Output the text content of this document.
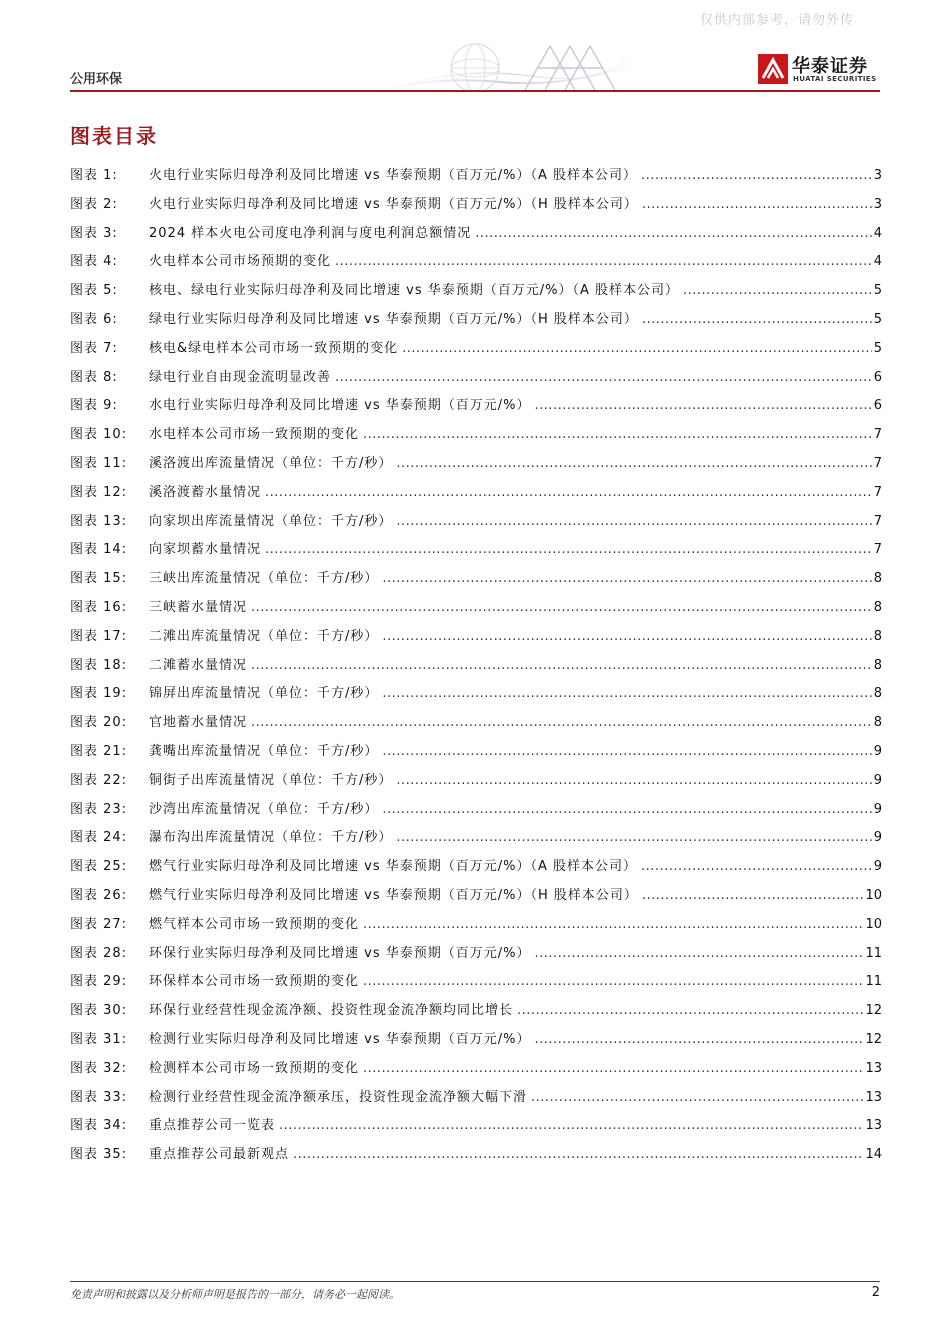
仅供内部参考，请勿外传
公用环保
华泰证券
HUATAI SECURITIES
图表目录
图表 1:	火电行业实际归母净利及同比增速 vs 华泰预期（百万元/%）（A 股样本公司） .....	3
图表 2:	火电行业实际归母净利及同比增速 vs 华泰预期（百万元/%）（H 股样本公司） .....	3
图表 3:	2024 样本火电公司度电净利润与度电利润总额情况 .....	4
图表 4:	火电样本公司市场预期的变化 .....	4
图表 5:	核电、绿电行业实际归母净利及同比增速 vs 华泰预期（百万元/%）（A 股样本公司） .....	5
图表 6:	绿电行业实际归母净利及同比增速 vs 华泰预期（百万元/%）（H 股样本公司） .....	5
图表 7:	核电&绿电样本公司市场一致预期的变化 .....	5
图表 8:	绿电行业自由现金流明显改善 .....	6
图表 9:	水电行业实际归母净利及同比增速 vs 华泰预期（百万元/%） .....	6
图表 10:	水电样本公司市场一致预期的变化 .....	7
图表 11:	溪洛渡出库流量情况（单位：千方/秒） .....	7
图表 12:	溪洛渡蓄水量情况 .....	7
图表 13:	向家坝出库流量情况（单位：千方/秒） .....	7
图表 14:	向家坝蓄水量情况 .....	7
图表 15:	三峡出库流量情况（单位：千方/秒） .....	8
图表 16:	三峡蓄水量情况 .....	8
图表 17:	二滩出库流量情况（单位：千方/秒） .....	8
图表 18:	二滩蓄水量情况 .....	8
图表 19:	锦屏出库流量情况（单位：千方/秒） .....	8
图表 20:	官地蓄水量情况 .....	8
图表 21:	龚嘴出库流量情况（单位：千方/秒） .....	9
图表 22:	铜街子出库流量情况（单位：千方/秒） .....	9
图表 23:	沙湾出库流量情况（单位：千方/秒） .....	9
图表 24:	瀑布沟出库流量情况（单位：千方/秒） .....	9
图表 25:	燃气行业实际归母净利及同比增速 vs 华泰预期（百万元/%）（A 股样本公司） .....	9
图表 26:	燃气行业实际归母净利及同比增速 vs 华泰预期（百万元/%）（H 股样本公司） .....	10
图表 27:	燃气样本公司市场一致预期的变化 .....	10
图表 28:	环保行业实际归母净利及同比增速 vs 华泰预期（百万元/%） .....	11
图表 29:	环保样本公司市场一致预期的变化 .....	11
图表 30:	环保行业经营性现金流净额、投资性现金流净额均同比增长 .....	12
图表 31:	检测行业实际归母净利及同比增速 vs 华泰预期（百万元/%） .....	12
图表 32:	检测样本公司市场一致预期的变化 .....	13
图表 33:	检测行业经营性现金流净额承压，投资性现金流净额大幅下滑 .....	13
图表 34:	重点推荐公司一览表 .....	13
图表 35:	重点推荐公司最新观点 .....	14
免责声明和披露以及分析师声明是报告的一部分，请务必一起阅读。	2
